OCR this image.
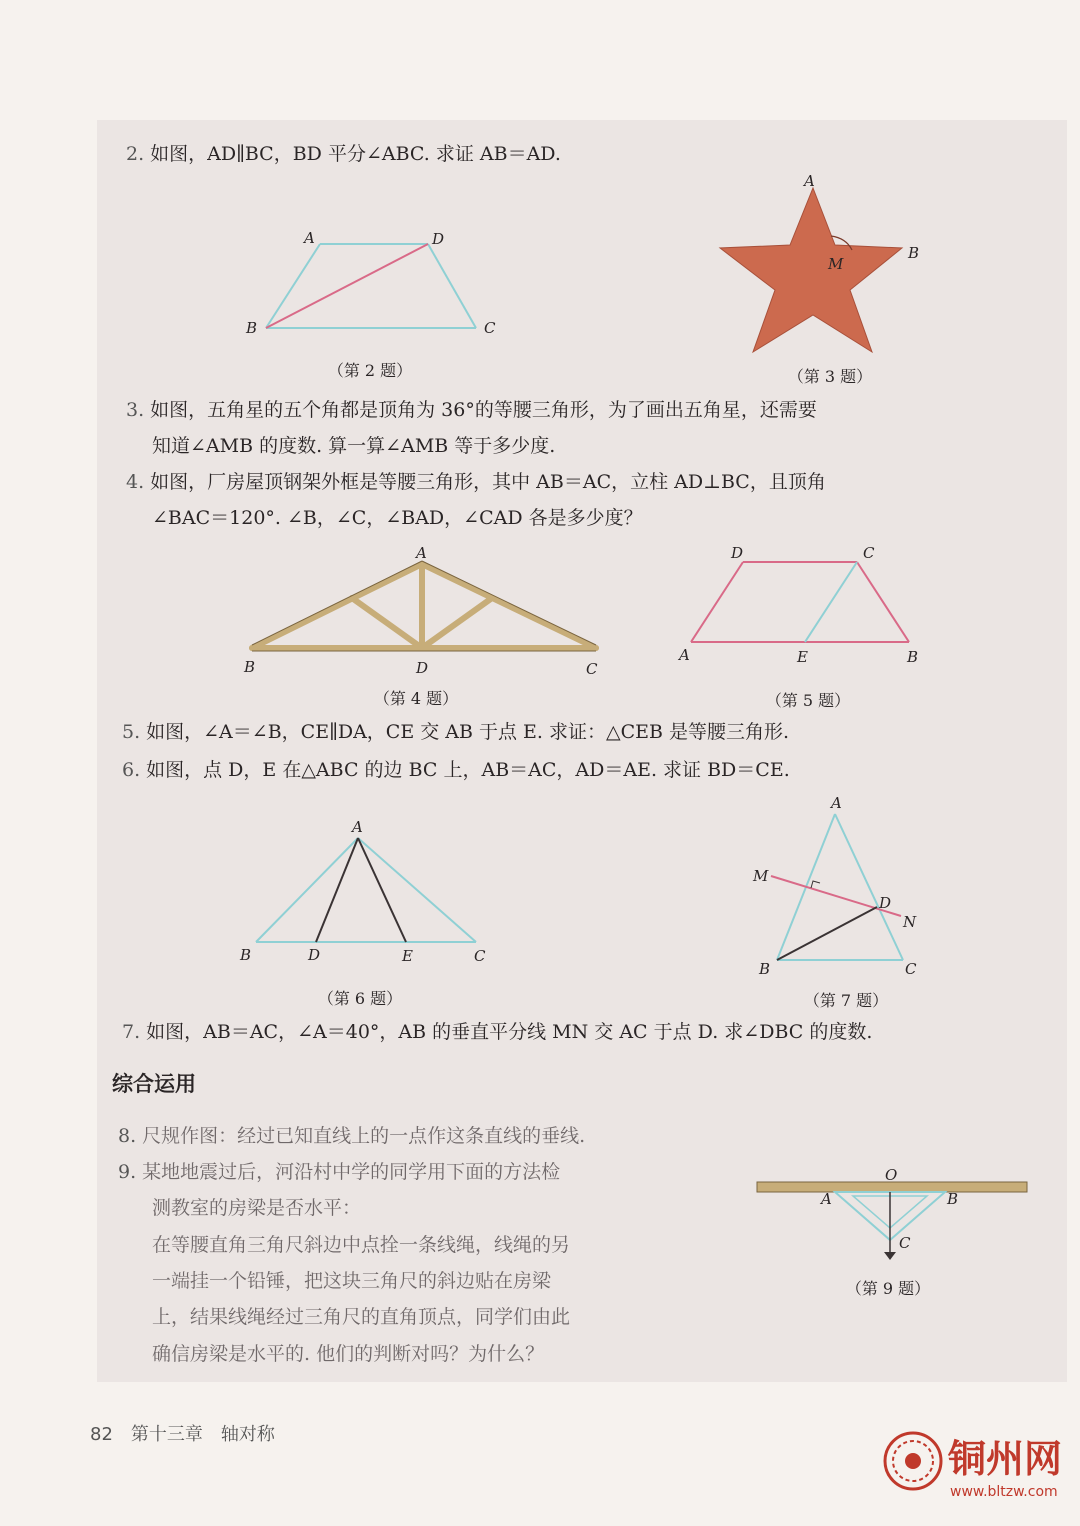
2. 如图，AD∥BC，BD 平分∠ABC. 求证 AB＝AD.
A	D
B	C
（第 2 题）
A
B
M
（第 3 题）
3. 如图，五角星的五个角都是顶角为 36°的等腰三角形，为了画出五角星，还需要
知道∠AMB 的度数. 算一算∠AMB 等于多少度.
4. 如图，厂房屋顶钢架外框是等腰三角形，其中 AB＝AC，立柱 AD⊥BC，且顶角
∠BAC＝120°. ∠B，∠C，∠BAD，∠CAD 各是多少度？
A
B	D	C
（第 4 题）
D	C
A	E	B
（第 5 题）
5. 如图，∠A＝∠B，CE∥DA，CE 交 AB 于点 E. 求证：△CEB 是等腰三角形.
6. 如图，点 D，E 在△ABC 的边 BC 上，AB＝AC，AD＝AE. 求证 BD＝CE.
A
B	D	E	C
（第 6 题）
A
M
D
N
B	C
（第 7 题）
7. 如图，AB＝AC，∠A＝40°，AB 的垂直平分线 MN 交 AC 于点 D. 求∠DBC 的度数.
综合运用
8. 尺规作图：经过已知直线上的一点作这条直线的垂线.
9. 某地地震过后，河沿村中学的同学用下面的方法检
测教室的房梁是否水平：
在等腰直角三角尺斜边中点拴一条线绳，线绳的另
一端挂一个铅锤，把这块三角尺的斜边贴在房梁
上，结果线绳经过三角尺的直角顶点，同学们由此
确信房梁是水平的. 他们的判断对吗？为什么？
O
A	B
C
（第 9 题）
82 第十三章 轴对称
铜州网
www.bltzw.com
